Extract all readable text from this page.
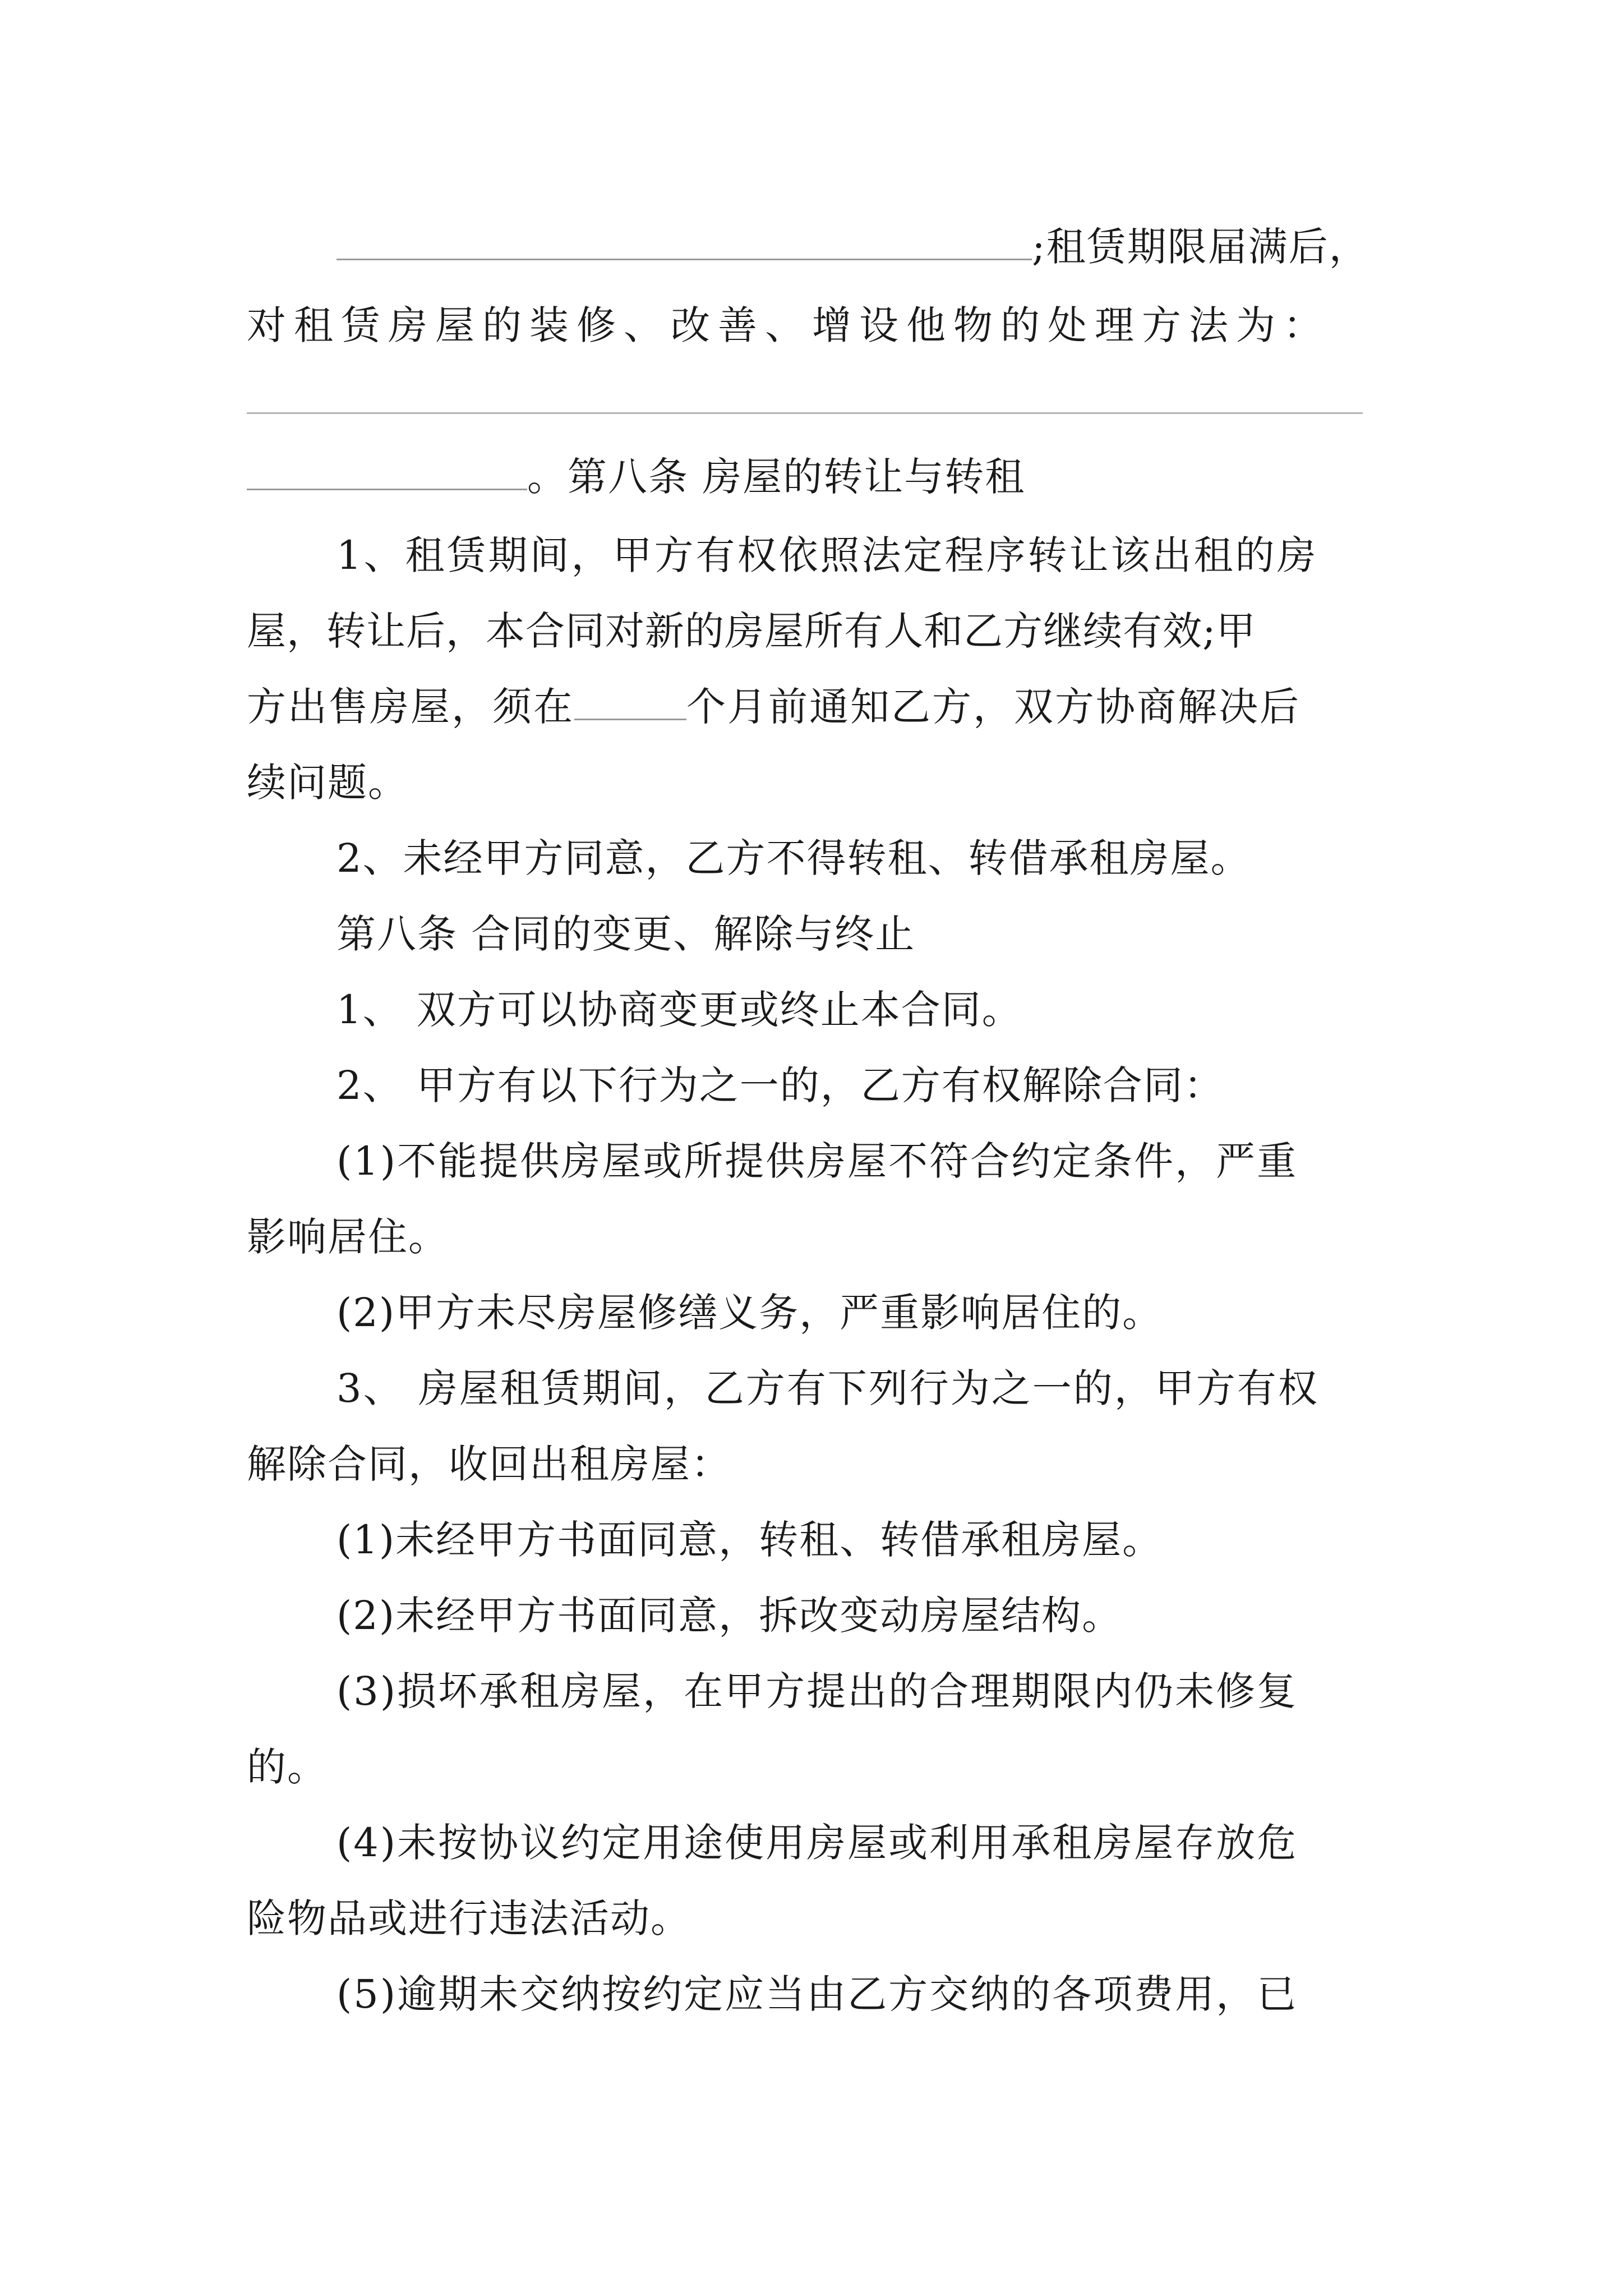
;租赁期限届满后，
对租赁房屋的装修、改善、增设他物的处理方法为：
。第八条 房屋的转让与转租
1、租赁期间，甲方有权依照法定程序转让该出租的房
屋，转让后，本合同对新的房屋所有人和乙方继续有效;甲
方出售房屋，须在	个月前通知乙方，双方协商解决后
续问题。
2、未经甲方同意，乙方不得转租、转借承租房屋。
第八条 合同的变更、解除与终止
1、 双方可以协商变更或终止本合同。
2、 甲方有以下行为之一的，乙方有权解除合同：
(1)不能提供房屋或所提供房屋不符合约定条件，严重
影响居住。
(2)甲方未尽房屋修缮义务，严重影响居住的。
3、 房屋租赁期间，乙方有下列行为之一的，甲方有权
解除合同，收回出租房屋：
(1)未经甲方书面同意，转租、转借承租房屋。
(2)未经甲方书面同意，拆改变动房屋结构。
(3)损坏承租房屋，在甲方提出的合理期限内仍未修复
的。
(4)未按协议约定用途使用房屋或利用承租房屋存放危
险物品或进行违法活动。
(5)逾期未交纳按约定应当由乙方交纳的各项费用，已
